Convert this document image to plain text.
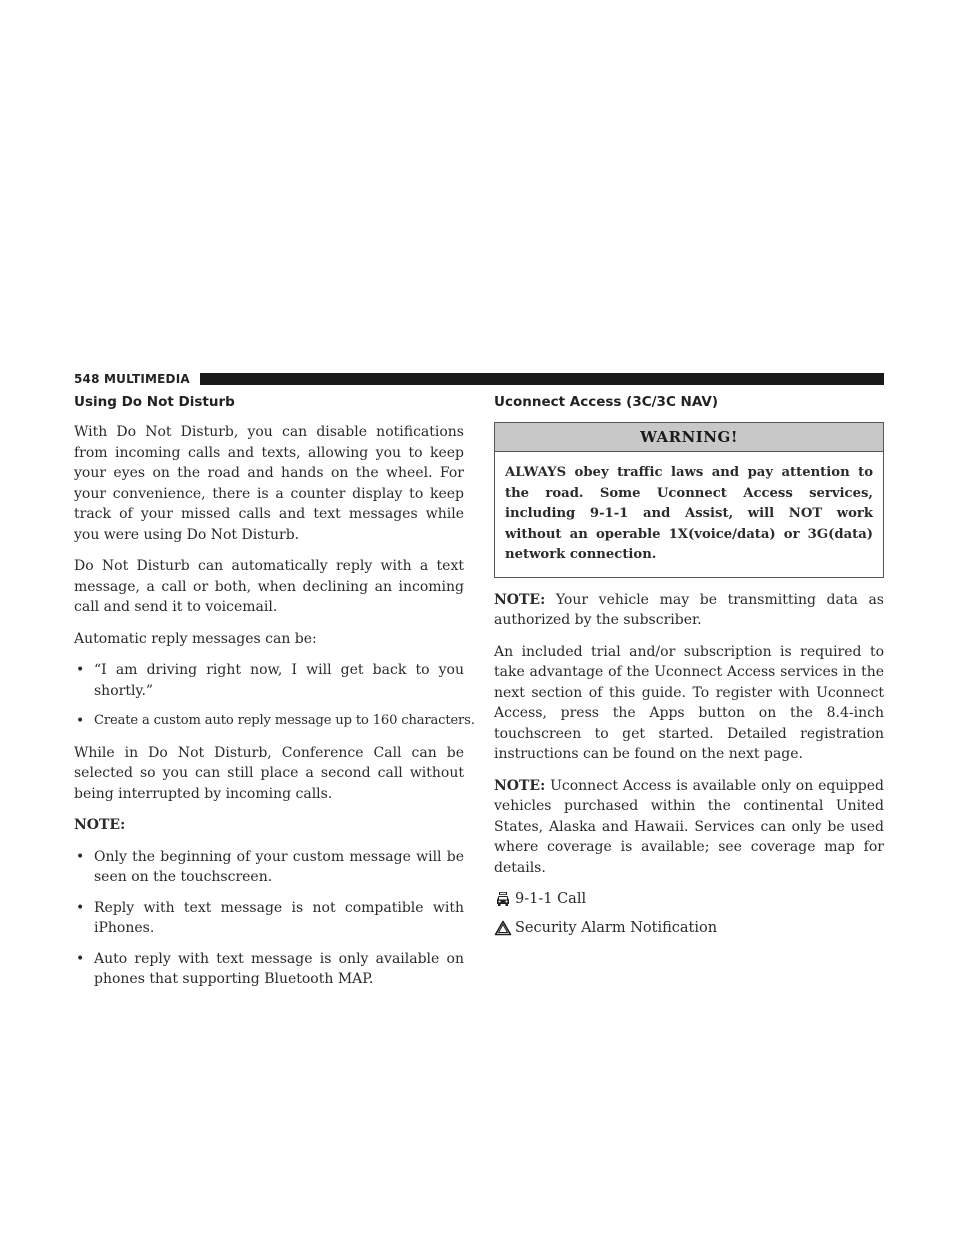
548 MULTIMEDIA
Using Do Not Disturb

With Do Not Disturb, you can disable notifications from incoming calls and texts, allowing you to keep your eyes on the road and hands on the wheel. For your convenience, there is a counter display to keep track of your missed calls and text messages while you were using Do Not Disturb.

Do Not Disturb can automatically reply with a text message, a call or both, when declining an incoming call and send it to voicemail.

Automatic reply messages can be:

• “I am driving right now, I will get back to you shortly.”
• Create a custom auto reply message up to 160 characters.

While in Do Not Disturb, Conference Call can be selected so you can still place a second call without being interrupted by incoming calls.

NOTE:

• Only the beginning of your custom message will be seen on the touchscreen.
• Reply with text message is not compatible with iPhones.
• Auto reply with text message is only available on phones that supporting Bluetooth MAP.
Uconnect Access (3C/3C NAV)
WARNING!
ALWAYS obey traffic laws and pay attention to the road. Some Uconnect Access services, including 9-1-1 and Assist, will NOT work without an operable 1X(voice/data) or 3G(data) network connection.

NOTE: Your vehicle may be transmitting data as authorized by the subscriber.

An included trial and/or subscription is required to take advantage of the Uconnect Access services in the next section of this guide. To register with Uconnect Access, press the Apps button on the 8.4-inch touchscreen to get started. Detailed registration instructions can be found on the next page.

NOTE: Uconnect Access is available only on equipped vehicles purchased within the continental United States, Alaska and Hawaii. Services can only be used where coverage is available; see coverage map for details.

9-1-1 Call
Security Alarm Notification
